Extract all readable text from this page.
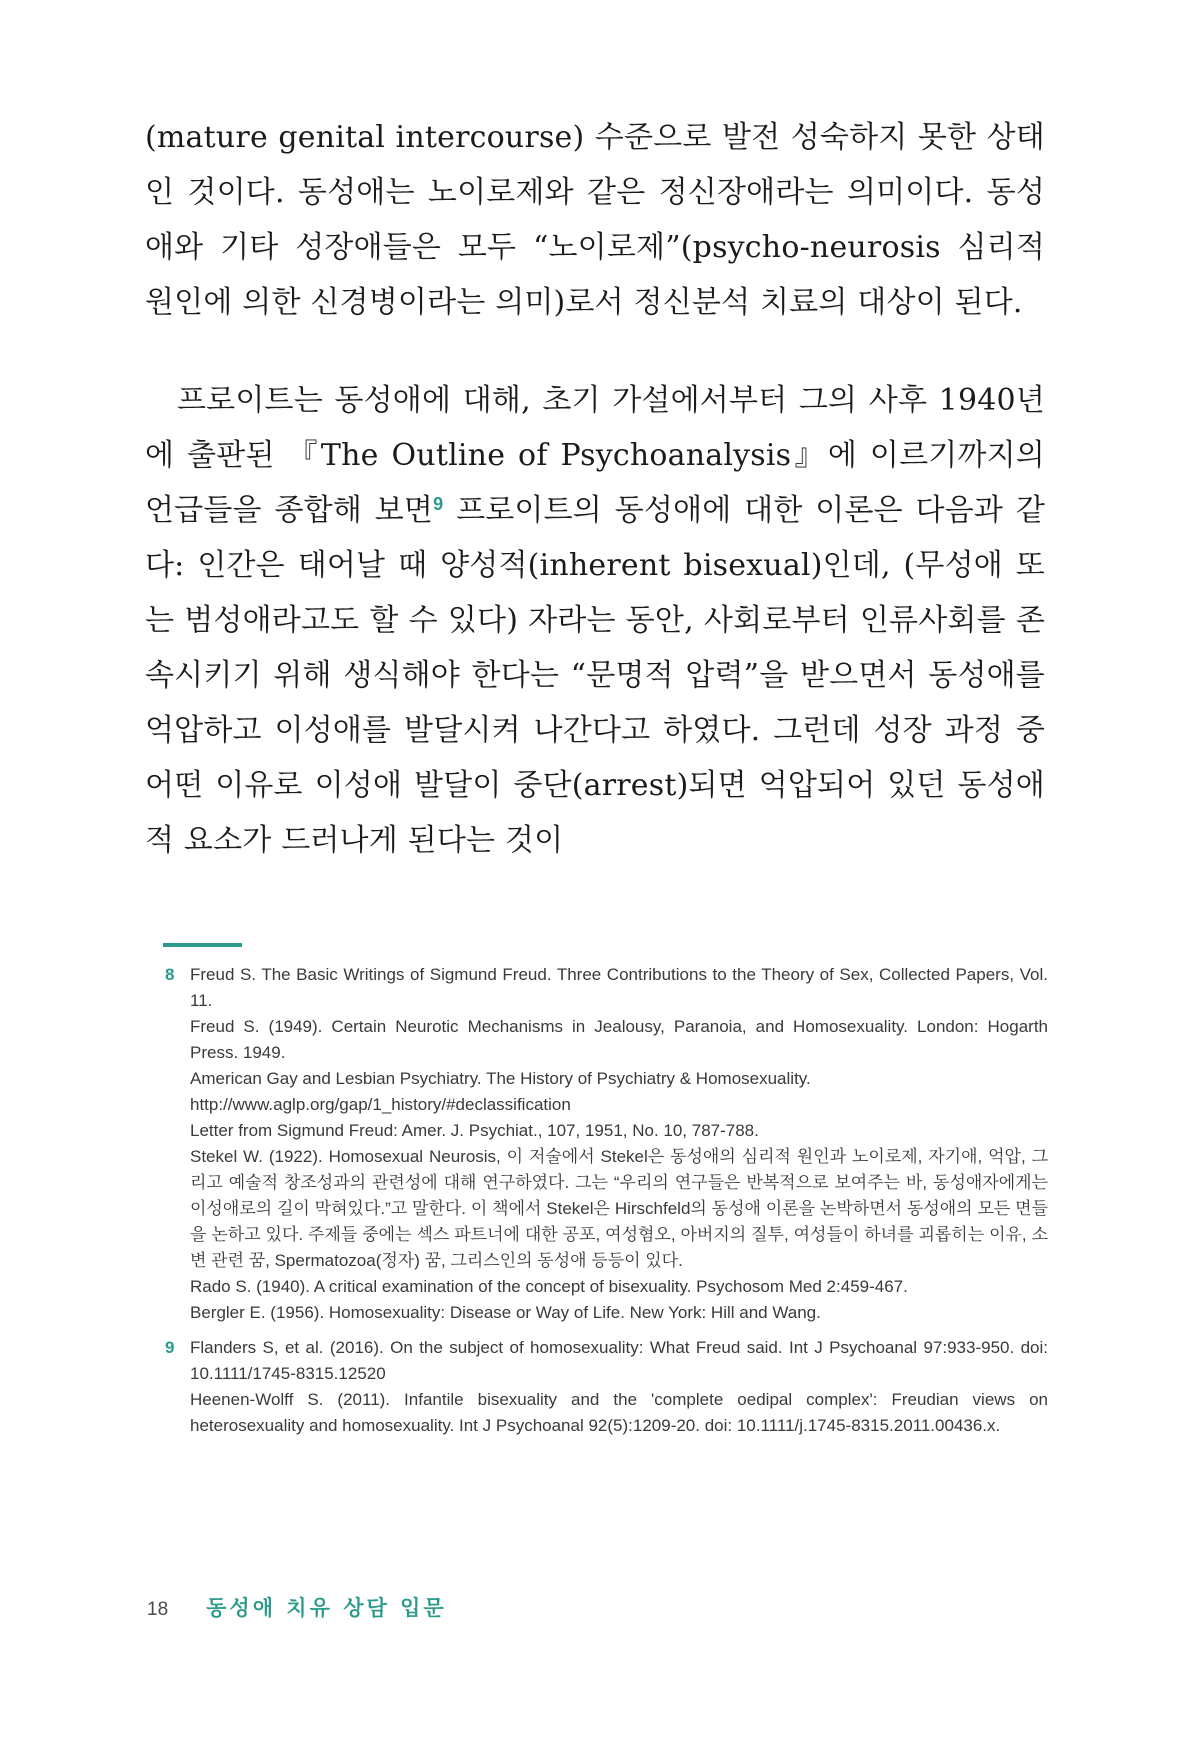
(mature genital intercourse) 수준으로 발전 성숙하지 못한 상태인 것이다. 동성애는 노이로제와 같은 정신장애라는 의미이다. 동성애와 기타 성장애들은 모두 “노이로제”(psycho-neurosis 심리적 원인에 의한 신경병이라는 의미)로서 정신분석 치료의 대상이 된다.

프로이트는 동성애에 대해, 초기 가설에서부터 그의 사후 1940년에 출판된 『The Outline of Psychoanalysis』에 이르기까지의 언급들을 종합해 보면$^9$ 프로이트의 동성애에 대한 이론은 다음과 같다: 인간은 태어날 때 양성적(inherent bisexual)인데, (무성애 또는 범성애라고도 할 수 있다) 자라는 동안, 사회로부터 인류사회를 존속시키기 위해 생식해야 한다는 “문명적 압력”을 받으면서 동성애를 억압하고 이성애를 발달시켜 나간다고 하였다. 그런데 성장 과정 중 어떤 이유로 이성애 발달이 중단(arrest)되면 억압되어 있던 동성애적 요소가 드러나게 된다는 것이

8 Freud S. The Basic Writings of Sigmund Freud. Three Contributions to the Theory of Sex, Collected Papers, Vol. 11.
Freud S. (1949). Certain Neurotic Mechanisms in Jealousy, Paranoia, and Homosexuality. London: Hogarth Press. 1949.
American Gay and Lesbian Psychiatry. The History of Psychiatry & Homosexuality.
http://www.aglp.org/gap/1_history/#declassification
Letter from Sigmund Freud: Amer. J. Psychiat., 107, 1951, No. 10, 787-788.
Stekel W. (1922). Homosexual Neurosis, 이 저술에서 Stekel은 동성애의 심리적 원인과 노이로제, 자기애, 억압, 그리고 예술적 창조성과의 관련성에 대해 연구하였다. 그는 “우리의 연구들은 반복적으로 보여주는 바, 동성애자에게는 이성애로의 길이 막혀있다.”고 말한다. 이 책에서 Stekel은 Hirschfeld의 동성애 이론을 논박하면서 동성애의 모든 면들을 논하고 있다. 주제들 중에는 섹스 파트너에 대한 공포, 여성혐오, 아버지의 질투, 여성들이 하녀를 괴롭히는 이유, 소변 관련 꿈, Spermatozoa(정자) 꿈, 그리스인의 동성애 등등이 있다.
Rado S. (1940). A critical examination of the concept of bisexuality. Psychosom Med 2:459-467.
Bergler E. (1956). Homosexuality: Disease or Way of Life. New York: Hill and Wang.
9 Flanders S, et al. (2016). On the subject of homosexuality: What Freud said. Int J Psychoanal 97:933-950. doi: 10.1111/1745-8315.12520
Heenen-Wolff S. (2011). Infantile bisexuality and the 'complete oedipal complex': Freudian views on heterosexuality and homosexuality. Int J Psychoanal 92(5):1209-20. doi: 10.1111/j.1745-8315.2011.00436.x.
18 동성애 치유 상담 입문
